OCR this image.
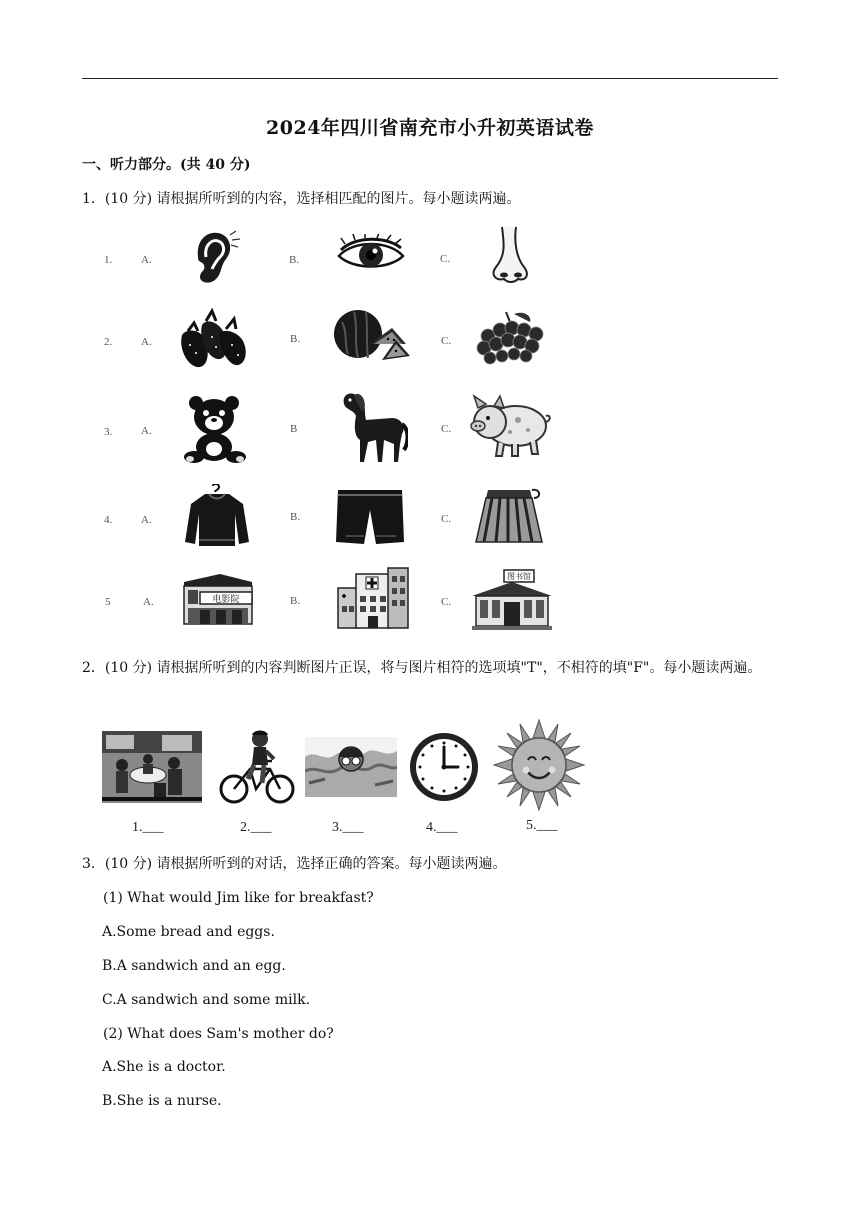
2024年四川省南充市小升初英语试卷
一、听力部分。(共 40 分)
1．(10 分) 请根据所听到的内容，选择相匹配的图片。每小题读两遍。
1.	A.	B.	C.
2.	A.	B.	C.
3.	A.	B	C.
4.	A.	B.	C.
5	A.	B.	C.
电影院
图书馆
2．(10 分) 请根据所听到的内容判断图片正误，将与图片相符的选项填"T"，不相符的填"F"。每小题读两遍。
1.___	2.___	3.___	4.___	5.___
3．(10 分) 请根据所听到的对话，选择正确的答案。每小题读两遍。
(1) What would Jim like for breakfast?
A.Some bread and eggs.
B.A sandwich and an egg.
C.A sandwich and some milk.
(2) What does Sam's mother do?
A.She is a doctor.
B.She is a nurse.
